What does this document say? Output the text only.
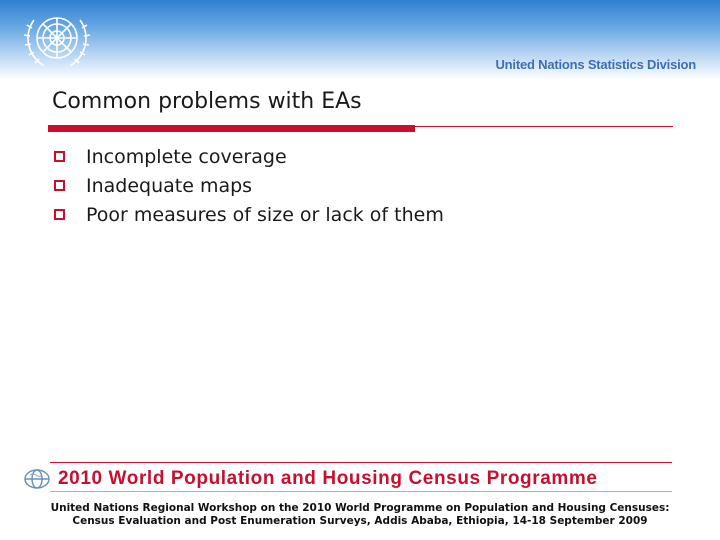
United Nations Statistics Division
Common problems with EAs
Incomplete coverage
Inadequate maps
Poor measures of size or lack of them
2010 World Population and Housing Census Programme
United Nations Regional Workshop on the 2010 World Programme on Population and Housing Censuses:
Census Evaluation and Post Enumeration Surveys, Addis Ababa, Ethiopia, 14-18 September 2009
